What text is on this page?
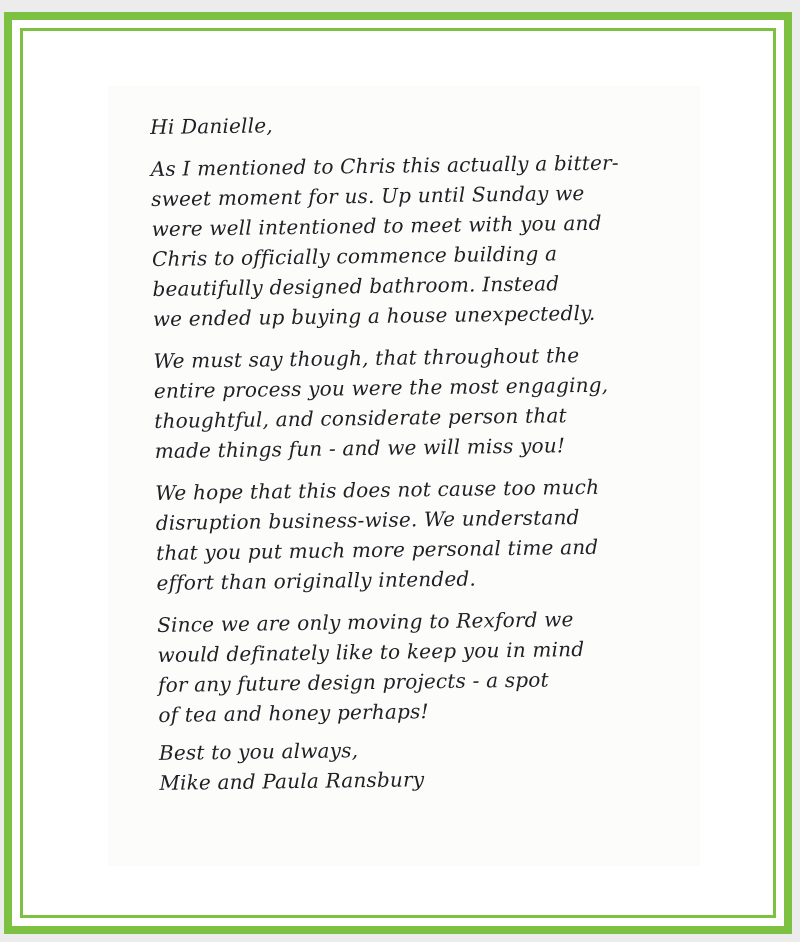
Hi Danielle,
As I mentioned to Chris this actually a bitter-
sweet moment for us. Up until Sunday we
were well intentioned to meet with you and
Chris to officially commence building a
beautifully designed bathroom. Instead
we ended up buying a house unexpectedly.
We must say though, that throughout the
entire process you were the most engaging,
thoughtful, and considerate person that
made things fun - and we will miss you!
We hope that this does not cause too much
disruption business-wise. We understand
that you put much more personal time and
effort than originally intended.
Since we are only moving to Rexford we
would definately like to keep you in mind
for any future design projects - a spot
of tea and honey perhaps!
Best to you always,
Mike and Paula Ransbury
